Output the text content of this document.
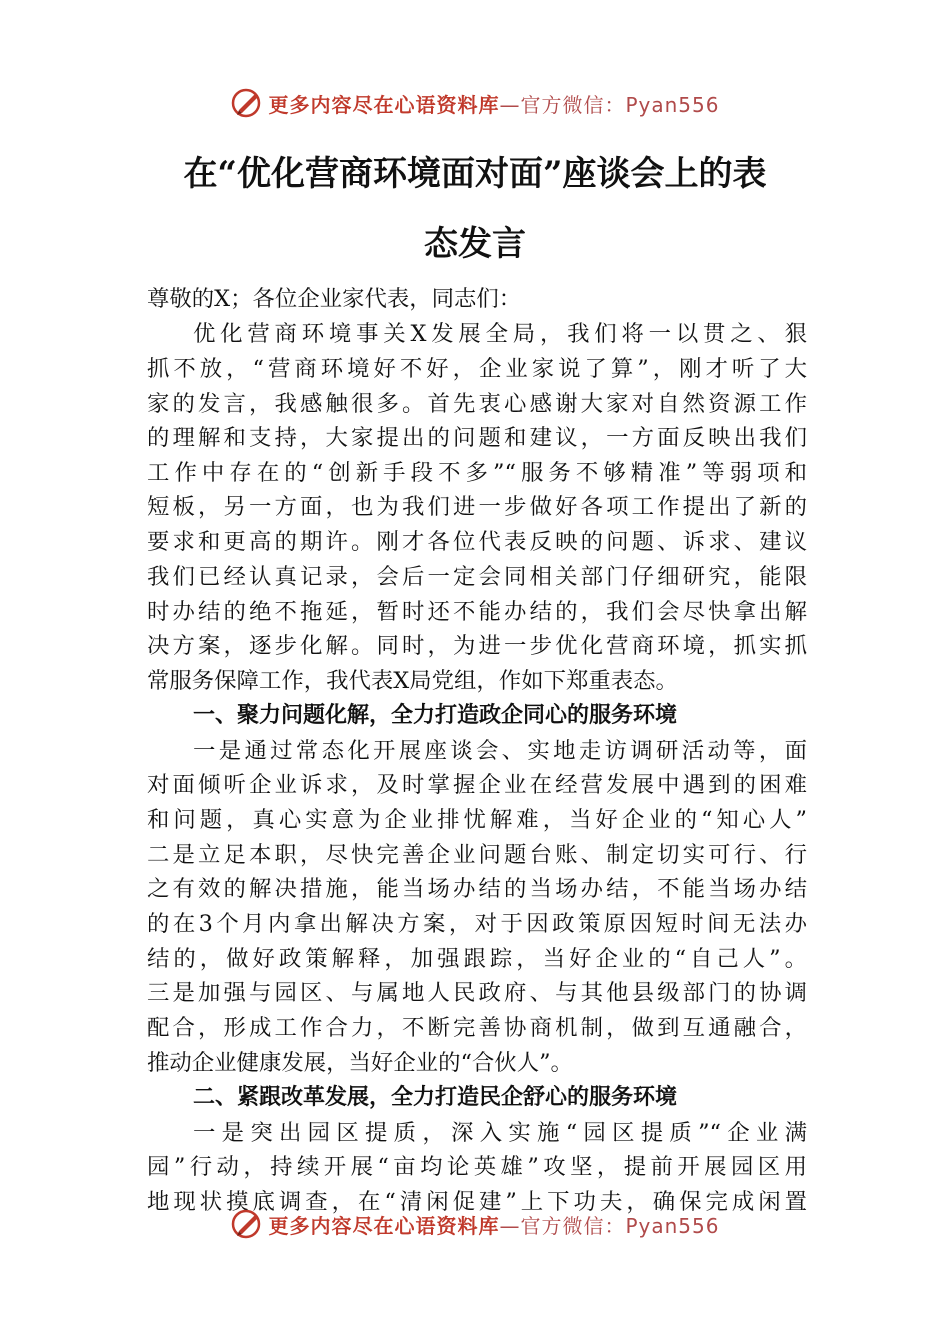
更多内容尽在心语资料库 —官方微信：Pyan556
在“优化营商环境面对面”座谈会上的表
态发言
尊敬的X；各位企业家代表，同志们：
优化营商环境事关X发展全局，我们将一以贯之、狠
抓不放，“营商环境好不好，企业家说了算”，刚才听了大
家的发言，我感触很多。首先衷心感谢大家对自然资源工作
的理解和支持，大家提出的问题和建议，一方面反映出我们
工作中存在的“创新手段不多”“服务不够精准”等弱项和
短板，另一方面，也为我们进一步做好各项工作提出了新的
要求和更高的期许。刚才各位代表反映的问题、诉求、建议
我们已经认真记录，会后一定会同相关部门仔细研究，能限
时办结的绝不拖延，暂时还不能办结的，我们会尽快拿出解
决方案，逐步化解。同时，为进一步优化营商环境，抓实抓
常服务保障工作，我代表X局党组，作如下郑重表态。
一、聚力问题化解，全力打造政企同心的服务环境
一是通过常态化开展座谈会、实地走访调研活动等，面
对面倾听企业诉求，及时掌握企业在经营发展中遇到的困难
和问题，真心实意为企业排忧解难，当好企业的“知心人”
二是立足本职，尽快完善企业问题台账、制定切实可行、行
之有效的解决措施，能当场办结的当场办结，不能当场办结
的在3个月内拿出解决方案，对于因政策原因短时间无法办
结的，做好政策解释，加强跟踪，当好企业的“自己人”。
三是加强与园区、与属地人民政府、与其他县级部门的协调
配合，形成工作合力，不断完善协商机制，做到互通融合，
推动企业健康发展，当好企业的“合伙人”。
二、紧跟改革发展，全力打造民企舒心的服务环境
一是突出园区提质，深入实施“园区提质”“企业满
园”行动，持续开展“亩均论英雄”攻坚，提前开展园区用
地现状摸底调查，在“清闲促建”上下功夫，确保完成闲置
更多内容尽在心语资料库 —官方微信：Pyan556
